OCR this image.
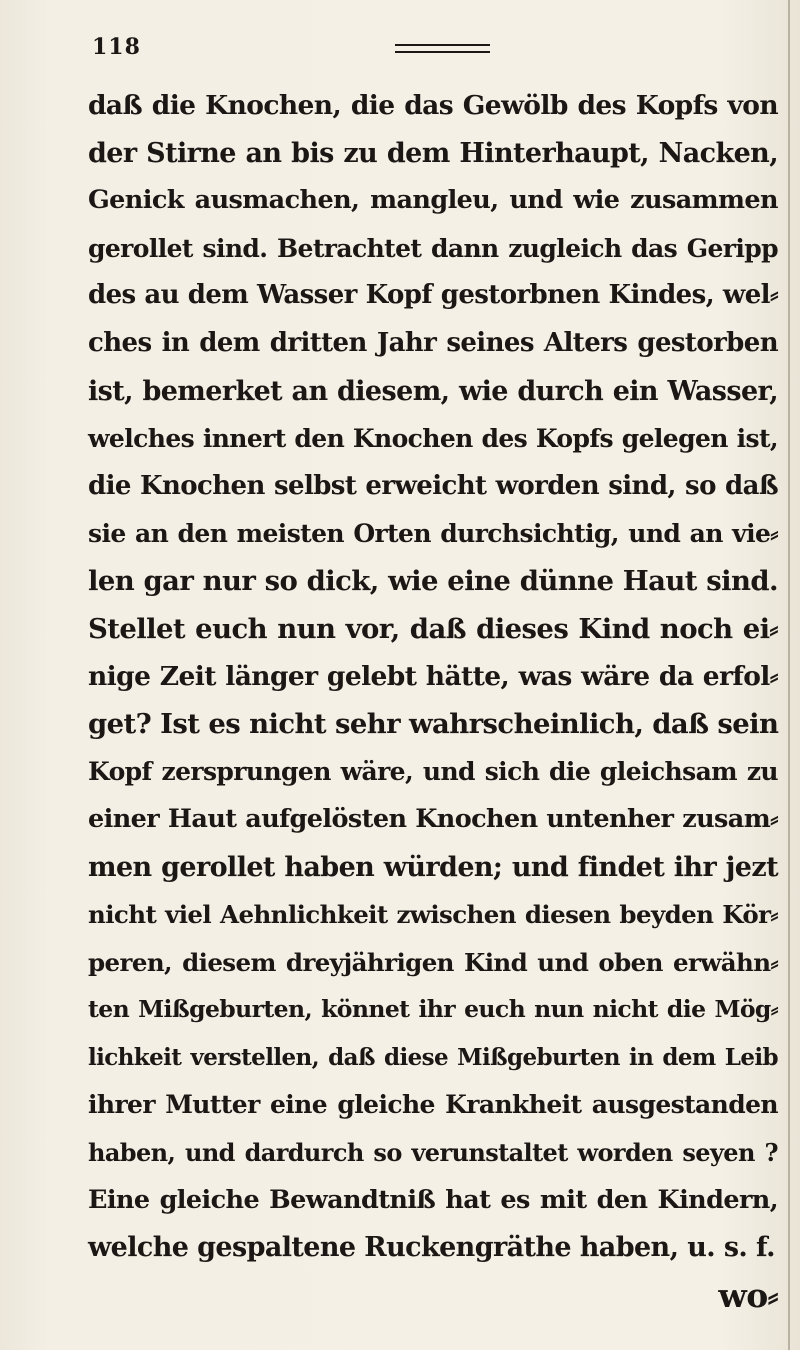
118
daß die Knochen, die das Gewölb des Kopfs von
der Stirne an bis zu dem Hinterhaupt, Nacken,
Genick ausmachen, mangleu, und wie zusammen
gerollet sind. Betrachtet dann zugleich das Geripp
des au dem Wasser Kopf gestorbnen Kindes, wel⸗
ches in dem dritten Jahr seines Alters gestorben
ist, bemerket an diesem, wie durch ein Wasser,
welches innert den Knochen des Kopfs gelegen ist,
die Knochen selbst erweicht worden sind, so daß
sie an den meisten Orten durchsichtig, und an vie⸗
len gar nur so dick, wie eine dünne Haut sind.
Stellet euch nun vor, daß dieses Kind noch ei⸗
nige Zeit länger gelebt hätte, was wäre da erfol⸗
get? Ist es nicht sehr wahrscheinlich, daß sein
Kopf zersprungen wäre, und sich die gleichsam zu
einer Haut aufgelösten Knochen untenher zusam⸗
men gerollet haben würden; und findet ihr jezt
nicht viel Aehnlichkeit zwischen diesen beyden Kör⸗
peren, diesem dreyjährigen Kind und oben erwähn⸗
ten Mißgeburten, könnet ihr euch nun nicht die Mög⸗
lichkeit verstellen, daß diese Mißgeburten in dem Leib
ihrer Mutter eine gleiche Krankheit ausgestanden
haben, und dardurch so verunstaltet worden seyen ?
Eine gleiche Bewandtniß hat es mit den Kindern,
welche gespaltene Ruckengräthe haben, u. s. f.
wo⸗
